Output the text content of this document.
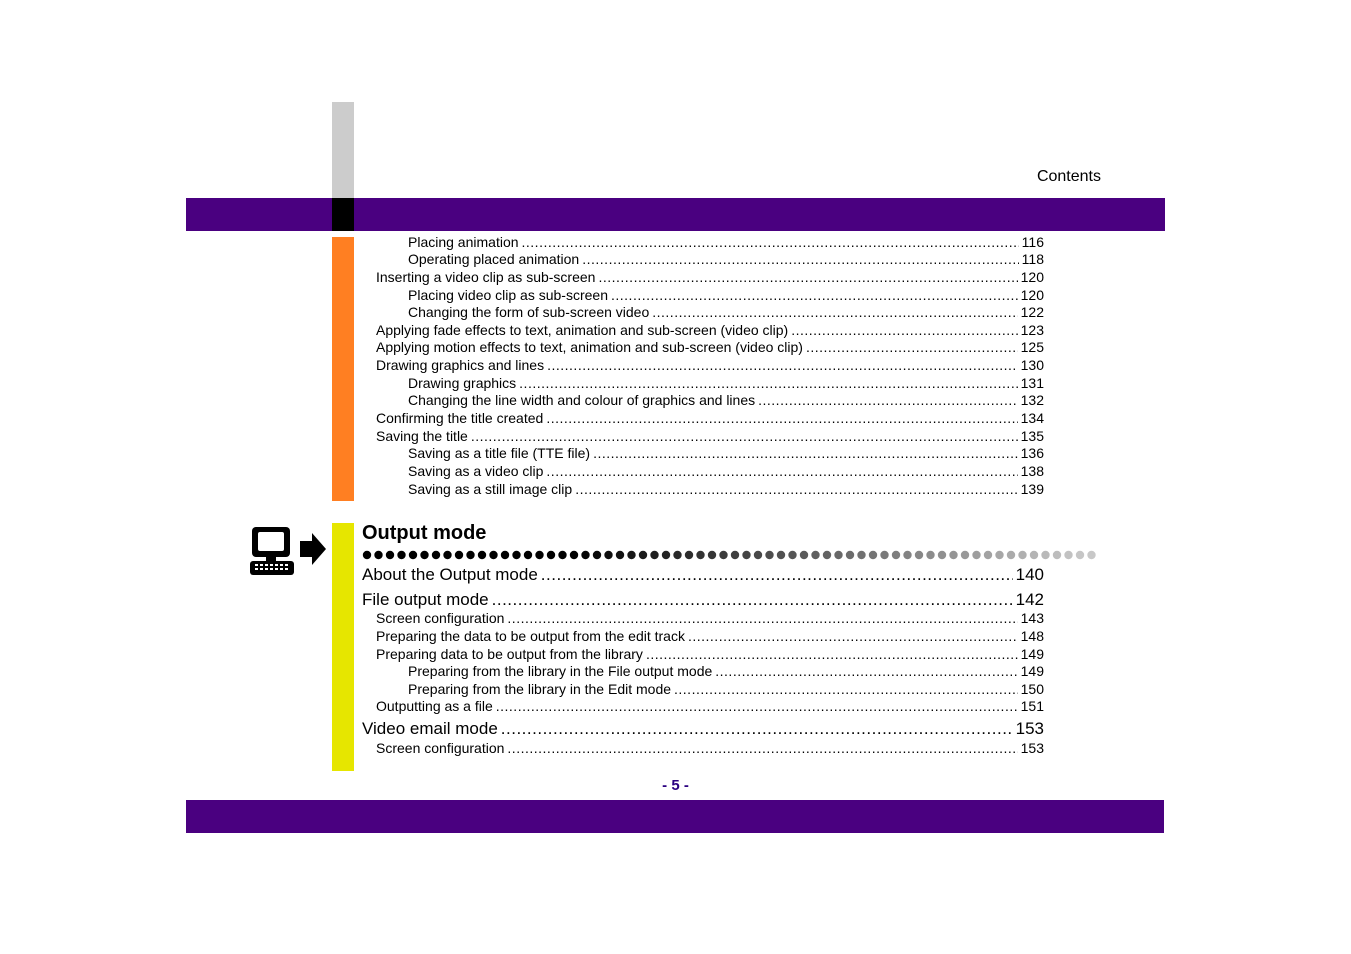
Contents
Output mode
Placing animation .....	116
Operating placed animation .....	118
Inserting a video clip as sub-screen .....	120
Placing video clip as sub-screen .....	120
Changing the form of sub-screen video .....	122
Applying fade effects to text, animation and sub-screen (video clip) .....	123
Applying motion effects to text, animation and sub-screen (video clip) .....	125
Drawing graphics and lines .....	130
Drawing graphics .....	131
Changing the line width and colour of graphics and lines .....	132
Confirming the title created .....	134
Saving the title .....	135
Saving as a title file (TTE file) .....	136
Saving as a video clip .....	138
Saving as a still image clip .....	139
About the Output mode .....	140
File output mode .....	142
Screen configuration .....	143
Preparing the data to be output from the edit track .....	148
Preparing data to be output from the library .....	149
Preparing from the library in the File output mode .....	149
Preparing from the library in the Edit mode .....	150
Outputting as a file .....	151
Video email mode .....	153
Screen configuration .....	153
- 5 -
